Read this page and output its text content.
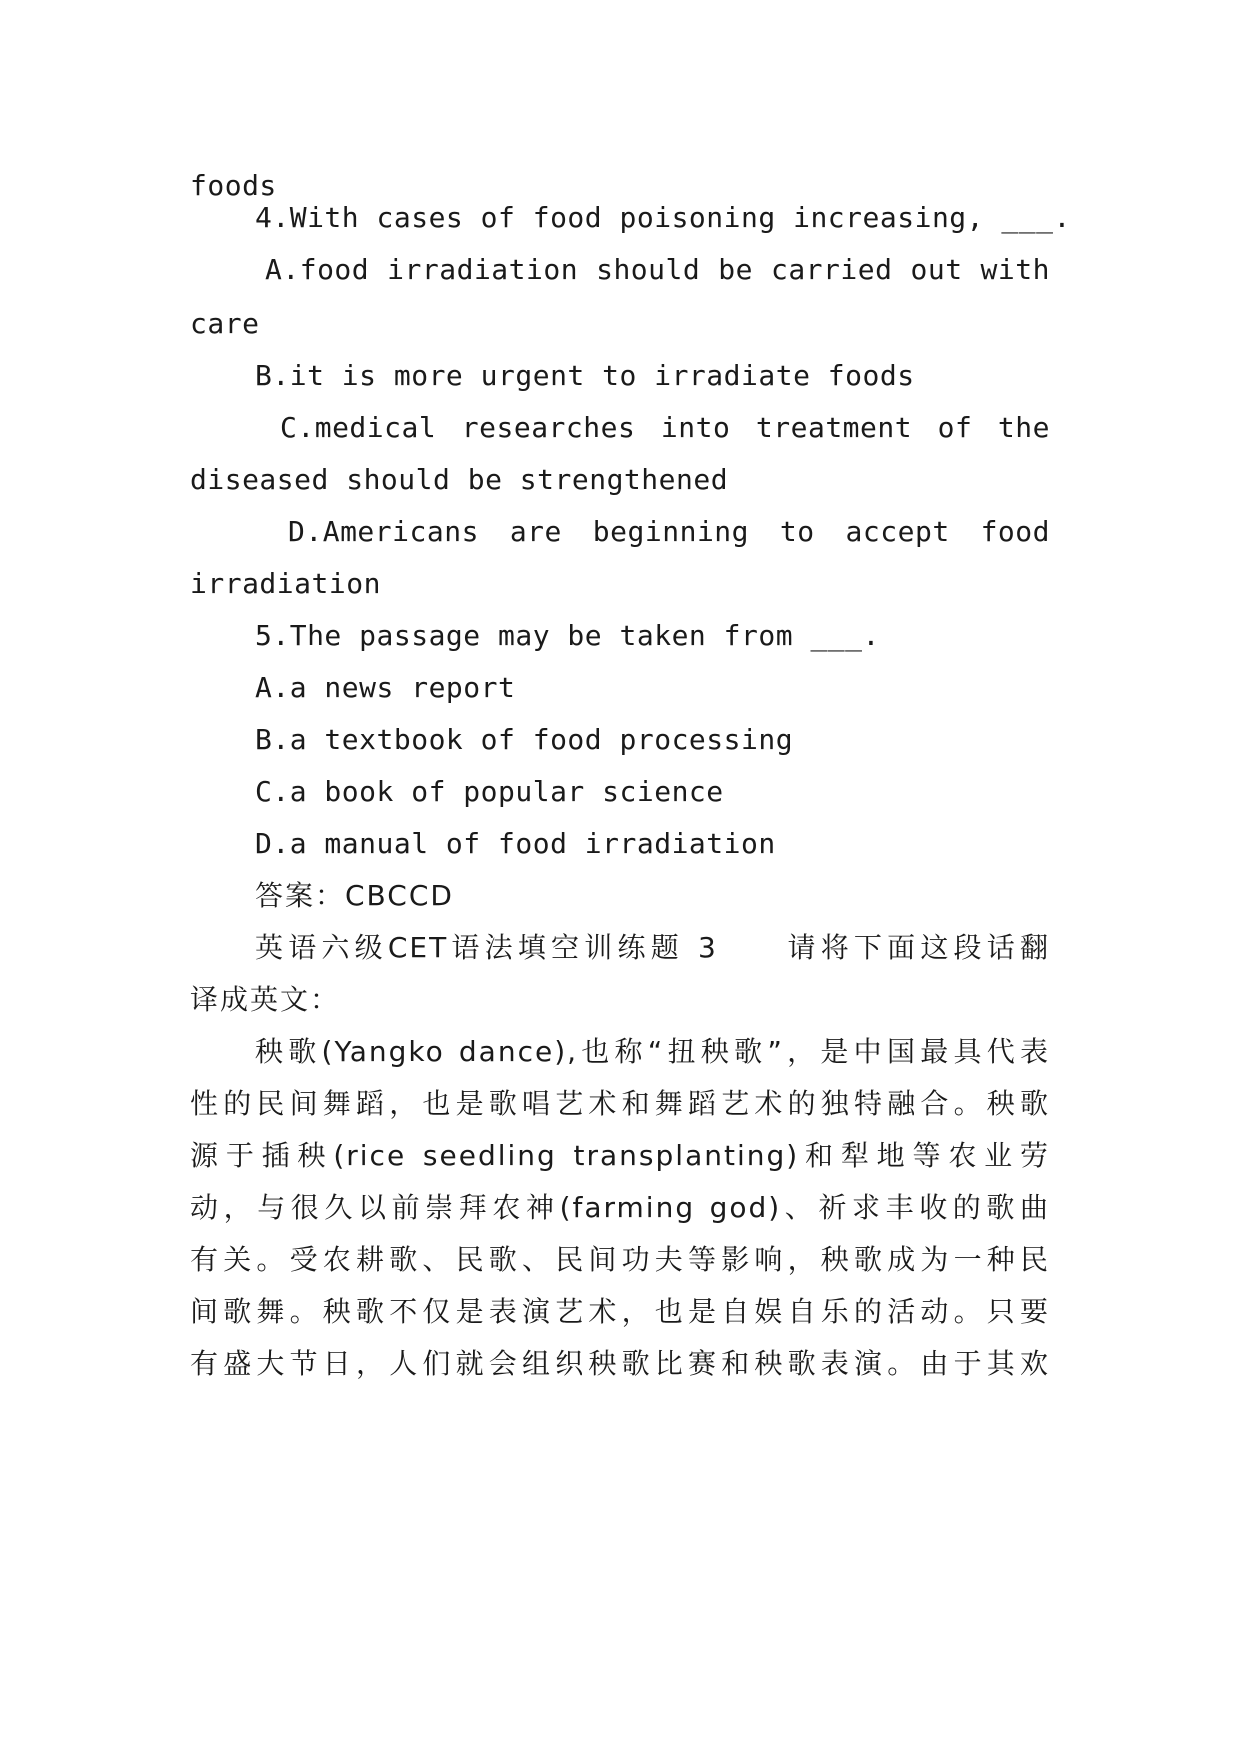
foods
4.With cases of food poisoning increasing, ___.
A.food irradiation should be carried out with
care
B.it is more urgent to irradiate foods
C.medical researches into treatment of the
diseased should be strengthened
D.Americans are beginning to accept food
irradiation
5.The passage may be taken from ___.
A.a news report
B.a textbook of food processing
C.a book of popular science
D.a manual of food irradiation
答案：CBCCD
英语六级CET语法填空训练题 3　　请将下面这段话翻
译成英文：
秧歌(Yangko dance),也称“扭秧歌”，是中国最具代表
性的民间舞蹈，也是歌唱艺术和舞蹈艺术的独特融合。秧歌
源于插秧(rice seedling transplanting)和犁地等农业劳
动，与很久以前崇拜农神(farming god)、祈求丰收的歌曲
有关。受农耕歌、民歌、民间功夫等影响，秧歌成为一种民
间歌舞。秧歌不仅是表演艺术，也是自娱自乐的活动。只要
有盛大节日，人们就会组织秧歌比赛和秧歌表演。由于其欢
